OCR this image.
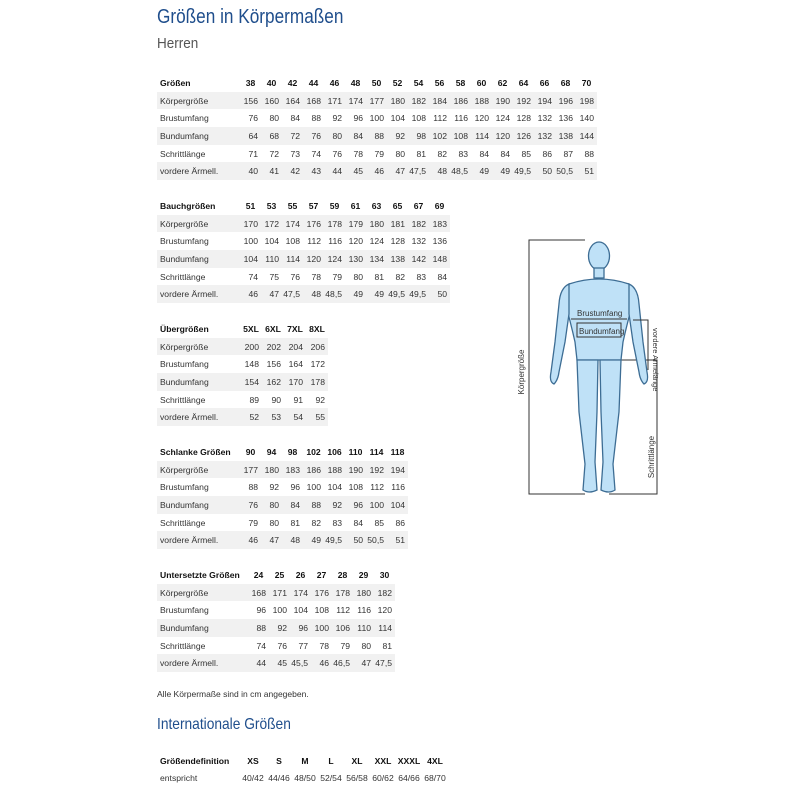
Größen in Körpermaßen
Herren
Größen	38	40	42	44	46	48	50	52	54	56	58	60	62	64	66	68	70
Körpergröße	156	160	164	168	171	174	177	180	182	184	186	188	190	192	194	196	198
Brustumfang	76	80	84	88	92	96	100	104	108	112	116	120	124	128	132	136	140
Bundumfang	64	68	72	76	80	84	88	92	98	102	108	114	120	126	132	138	144
Schrittlänge	71	72	73	74	76	78	79	80	81	82	83	84	84	85	86	87	88
vordere Ärmell.	40	41	42	43	44	45	46	47	47,5	48	48,5	49	49	49,5	50	50,5	51
Bauchgrößen	51	53	55	57	59	61	63	65	67	69
Körpergröße	170	172	174	176	178	179	180	181	182	183
Brustumfang	100	104	108	112	116	120	124	128	132	136
Bundumfang	104	110	114	120	124	130	134	138	142	148
Schrittlänge	74	75	76	78	79	80	81	82	83	84
vordere Ärmell.	46	47	47,5	48	48,5	49	49	49,5	49,5	50
Übergrößen	5XL	6XL	7XL	8XL
Körpergröße	200	202	204	206
Brustumfang	148	156	164	172
Bundumfang	154	162	170	178
Schrittlänge	89	90	91	92
vordere Ärmell.	52	53	54	55
Schlanke Größen	90	94	98	102	106	110	114	118
Körpergröße	177	180	183	186	188	190	192	194
Brustumfang	88	92	96	100	104	108	112	116
Bundumfang	76	80	84	88	92	96	100	104
Schrittlänge	79	80	81	82	83	84	85	86
vordere Ärmell.	46	47	48	49	49,5	50	50,5	51
Untersetzte Größen	24	25	26	27	28	29	30
Körpergröße	168	171	174	176	178	180	182
Brustumfang	96	100	104	108	112	116	120
Bundumfang	88	92	96	100	106	110	114
Schrittlänge	74	76	77	78	79	80	81
vordere Ärmell.	44	45	45,5	46	46,5	47	47,5
Alle Körpermaße sind in cm angegeben.
Internationale Größen
Größendefinition	XS	S	M	L	XL	XXL	XXXL	4XL
entspricht	40/42	44/46	48/50	52/54	56/58	60/62	64/66	68/70
Brustumfang
Bundumfang	vordere Armelänge
Körpergröße
Schrittlänge
